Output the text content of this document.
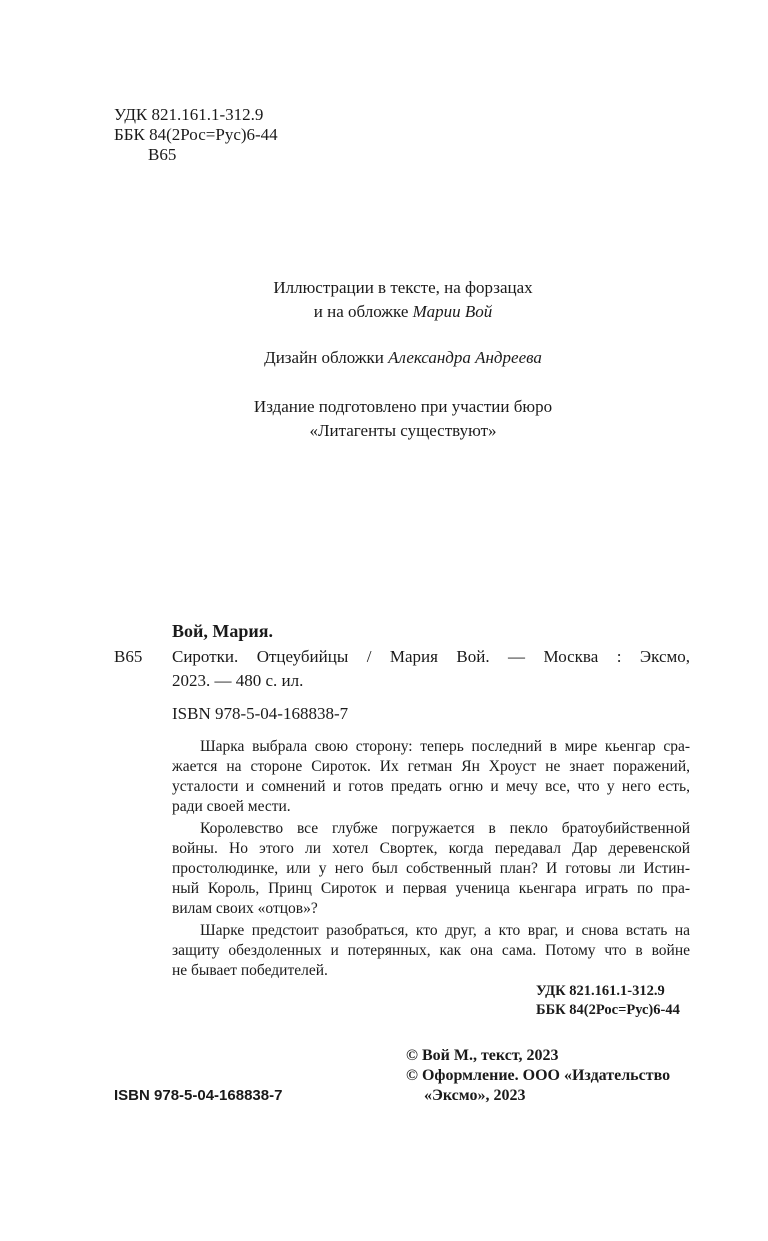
УДК 821.161.1-312.9
ББК 84(2Рос=Рус)6-44
В65
Иллюстрации в тексте, на форзацах
и на обложке Марии Вой
Дизайн обложки Александра Андреева
Издание подготовлено при участии бюро
«Литагенты существуют»
Вой, Мария.
В65 Сиротки. Отцеубийцы / Мария Вой. — Москва : Эксмо,
2023. — 480 с. ил.
ISBN 978-5-04-168838-7
Шарка выбрала свою сторону: теперь последний в мире кьенгар сра-
жается на стороне Сироток. Их гетман Ян Хроуст не знает поражений,
усталости и сомнений и готов предать огню и мечу все, что у него есть,
ради своей мести.
Королевство все глубже погружается в пекло братоубийственной
войны. Но этого ли хотел Свортек, когда передавал Дар деревенской
простолюдинке, или у него был собственный план? И готовы ли Истин-
ный Король, Принц Сироток и первая ученица кьенгара играть по пра-
вилам своих «отцов»?
Шарке предстоит разобраться, кто друг, а кто враг, и снова встать на
защиту обездоленных и потерянных, как она сама. Потому что в войне
не бывает победителей.
УДК 821.161.1-312.9
ББК 84(2Рос=Рус)6-44
© Вой М., текст, 2023
© Оформление. ООО «Издательство
«Эксмо», 2023
ISBN 978-5-04-168838-7
